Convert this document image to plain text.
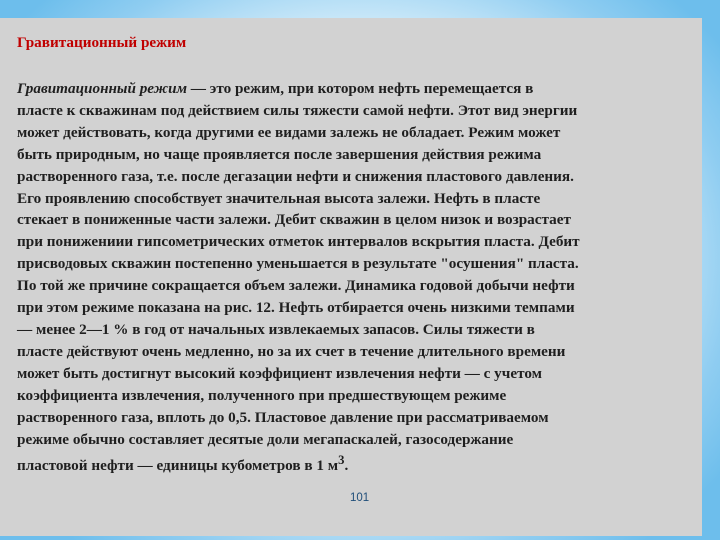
Гравитационный режим

Гравитационный режим — это режим, при котором нефть перемещается в
пласте к скважинам под действием силы тяжести самой нефти. Этот вид энергии
может действовать, когда другими ее видами залежь не обладает. Режим может
быть природным, но чаще проявляется после завершения действия режима
растворенного газа, т.е. после дегазации нефти и снижения пластового давления.
Его проявлению способствует значительная высота залежи. Нефть в пласте
стекает в пониженные части залежи. Дебит скважин в целом низок и возрастает
при понижениии гипсометрических отметок интервалов вскрытия пласта. Дебит
присводовых скважин постепенно уменьшается в результате "осушения" пласта.
По той же причине сокращается объем залежи. Динамика годовой добычи нефти
при этом режиме показана на рис. 12. Нефть отбирается очень низкими темпами
— менее 2—1 % в год от начальных извлекаемых запасов. Силы тяжести в
пласте действуют очень медленно, но за их счет в течение длительного времени
может быть достигнут высокий коэффициент извлечения нефти — с учетом
коэффициента извлечения, полученного при предшествующем режиме
растворенного газа, вплоть до 0,5. Пластовое давление при рассматриваемом
режиме обычно составляет десятые доли мегапаскалей, газосодержание
пластовой нефти — единицы кубометров в 1 $м^3$.

101
